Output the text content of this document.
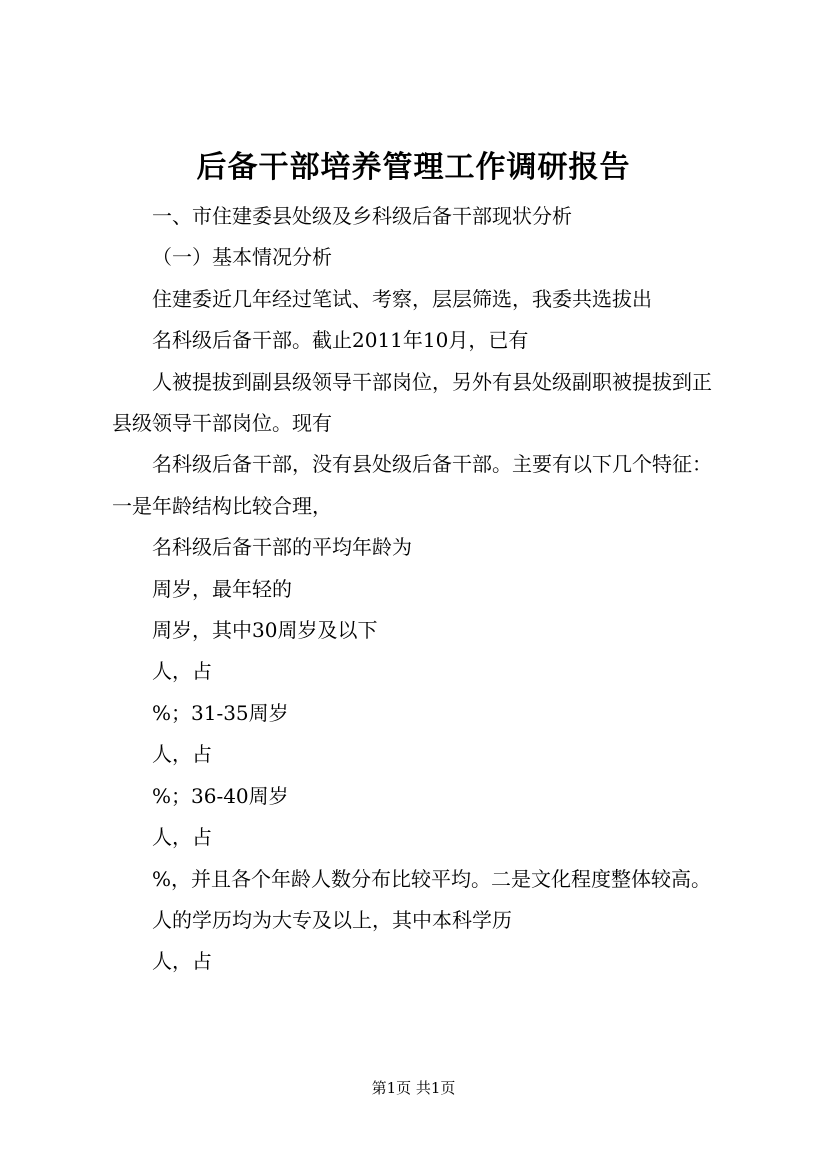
后备干部培养管理工作调研报告

一、市住建委县处级及乡科级后备干部现状分析

（一）基本情况分析

住建委近几年经过笔试、考察，层层筛选，我委共选拔出

名科级后备干部。截止2011年10月，已有

人被提拔到副县级领导干部岗位，另外有县处级副职被提拔到正县级领导干部岗位。现有

名科级后备干部，没有县处级后备干部。主要有以下几个特征：一是年龄结构比较合理，

名科级后备干部的平均年龄为

周岁，最年轻的

周岁，其中30周岁及以下

人，占

%；31-35周岁

人，占

%；36-40周岁

人，占

%，并且各个年龄人数分布比较平均。二是文化程度整体较高。

人的学历均为大专及以上，其中本科学历

人，占

第1页 共1页
